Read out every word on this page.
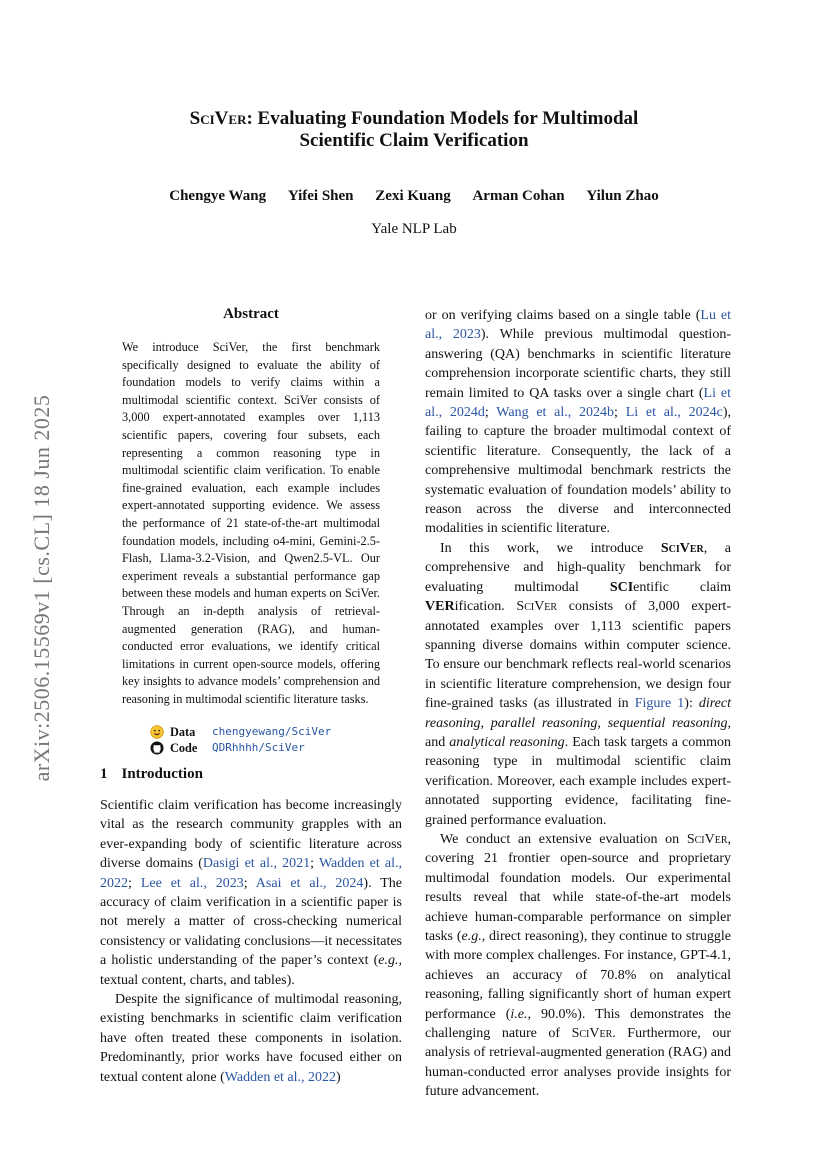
arXiv:2506.15569v1 [cs.CL] 18 Jun 2025
SciVer: Evaluating Foundation Models for Multimodal
Scientific Claim Verification
Chengye Wang Yifei Shen Zexi Kuang Arman Cohan Yilun Zhao
Yale NLP Lab
Abstract
We introduce SciVer, the first benchmark specifically designed to evaluate the ability of foundation models to verify claims within a multimodal scientific context. SciVer consists of 3,000 expert-annotated examples over 1,113 scientific papers, covering four subsets, each representing a common reasoning type in multimodal scientific claim verification. To enable fine-grained evaluation, each example includes expert-annotated supporting evidence. We assess the performance of 21 state-of-the-art multimodal foundation models, including o4-mini, Gemini-2.5-Flash, Llama-3.2-Vision, and Qwen2.5-VL. Our experiment reveals a substantial performance gap between these models and human experts on SciVer. Through an in-depth analysis of retrieval-augmented generation (RAG), and human-conducted error evaluations, we identify critical limitations in current open-source models, offering key insights to advance models’ comprehension and reasoning in multimodal scientific literature tasks.
Data	chengyewang/SciVer
Code	QDRhhhh/SciVer
1 Introduction

Scientific claim verification has become increasingly vital as the research community grapples with an ever-expanding body of scientific literature across diverse domains (Dasigi et al., 2021; Wadden et al., 2022; Lee et al., 2023; Asai et al., 2024). The accuracy of claim verification in a scientific paper is not merely a matter of cross-checking numerical consistency or validating conclusions—it necessitates a holistic understanding of the paper’s context (e.g., textual content, charts, and tables).

Despite the significance of multimodal reasoning, existing benchmarks in scientific claim verification have often treated these components in isolation. Predominantly, prior works have focused either on textual content alone (Wadden et al., 2022)

or on verifying claims based on a single table (Lu et al., 2023). While previous multimodal question-answering (QA) benchmarks in scientific literature comprehension incorporate scientific charts, they still remain limited to QA tasks over a single chart (Li et al., 2024d; Wang et al., 2024b; Li et al., 2024c), failing to capture the broader multimodal context of scientific literature. Consequently, the lack of a comprehensive multimodal benchmark restricts the systematic evaluation of foundation models’ ability to reason across the diverse and interconnected modalities in scientific literature.

In this work, we introduce SciVer, a comprehensive and high-quality benchmark for evaluating multimodal SCIentific claim VERification. SciVer consists of 3,000 expert-annotated examples over 1,113 scientific papers spanning diverse domains within computer science. To ensure our benchmark reflects real-world scenarios in scientific literature comprehension, we design four fine-grained tasks (as illustrated in Figure 1): direct reasoning, parallel reasoning, sequential reasoning, and analytical reasoning. Each task targets a common reasoning type in multimodal scientific claim verification. Moreover, each example includes expert-annotated supporting evidence, facilitating fine-grained performance evaluation.

We conduct an extensive evaluation on SciVer, covering 21 frontier open-source and proprietary multimodal foundation models. Our experimental results reveal that while state-of-the-art models achieve human-comparable performance on simpler tasks (e.g., direct reasoning), they continue to struggle with more complex challenges. For instance, GPT-4.1, achieves an accuracy of 70.8% on analytical reasoning, falling significantly short of human expert performance (i.e., 90.0%). This demonstrates the challenging nature of SciVer. Furthermore, our analysis of retrieval-augmented generation (RAG) and human-conducted error analyses provide insights for future advancement.
